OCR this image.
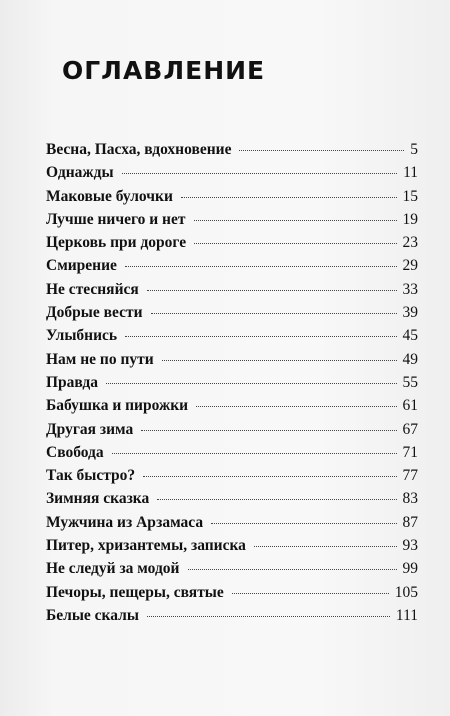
ОГЛАВЛЕНИЕ
Весна, Пасха, вдохновение	5
Однажды	11
Маковые булочки	15
Лучше ничего и нет	19
Церковь при дороге	23
Смирение	29
Не стесняйся	33
Добрые вести	39
Улыбнись	45
Нам не по пути	49
Правда	55
Бабушка и пирожки	61
Другая зима	67
Свобода	71
Так быстро?	77
Зимняя сказка	83
Мужчина из Арзамаса	87
Питер, хризантемы, записка	93
Не следуй за модой	99
Печоры, пещеры, святые	105
Белые скалы	111
